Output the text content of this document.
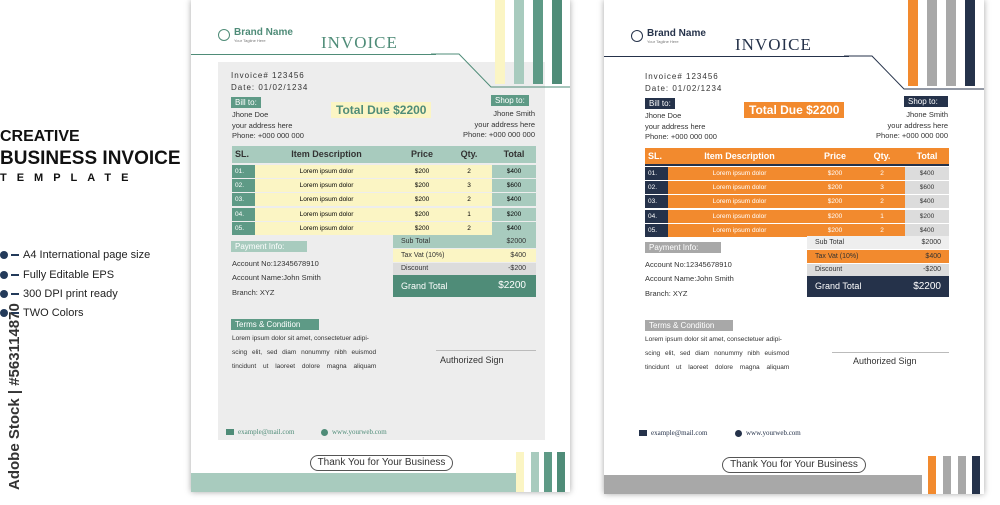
CREATIVE
BUSINESS INVOICE
TEMPLATE
A4 International page size
Fully Editable EPS
300 DPI print ready
TWO Colors
Adobe Stock | #563114870
Brand Name
Your Tagline Here	INVOICE
Invoice# 123456
Date: 01/02/1234
Bill to:
Jhone Doe
your address here
Phone: +000 000 000
Total Due $2200
Shop to:
Jhone Smith
your address here
Phone: +000 000 000
SL.	Item Description	Price	Qty.	Total
01.	Lorem ipsum dolor	$200	2	$400
02.	Lorem ipsum dolor	$200	3	$600
03.	Lorem ipsum dolor	$200	2	$400
04.	Lorem ipsum dolor	$200	1	$200
05.	Lorem ipsum dolor	$200	2	$400
Sub Total	$2000
Tax Vat (10%)	$400
Discount	-$200
Grand Total	$2200
Payment Info:
Account No:12345678910
Account Name:John Smith
Branch: XYZ
Terms & Condition
Lorem ipsum dolor sit amet, consectetuer adipi-
scing elit, sed diam nonummy nibh euismod
tincidunt ut laoreet dolore magna aliquam
Authorized Sign
example@mail.com	www.yourweb.com
Thank You for Your Business
Brand Name
Your Tagline Here	INVOICE
Invoice# 123456
Date: 01/02/1234
Bill to:
Jhone Doe
your address here
Phone: +000 000 000
Total Due $2200
Shop to:
Jhone Smith
your address here
Phone: +000 000 000
SL.	Item Description	Price	Qty.	Total
01.	Lorem ipsum dolor	$200	2	$400
02.	Lorem ipsum dolor	$200	3	$600
03.	Lorem ipsum dolor	$200	2	$400
04.	Lorem ipsum dolor	$200	1	$200
05.	Lorem ipsum dolor	$200	2	$400
Sub Total	$2000
Tax Vat (10%)	$400
Discount	-$200
Grand Total	$2200
Payment Info:
Account No:12345678910
Account Name:John Smith
Branch: XYZ
Terms & Condition
Lorem ipsum dolor sit amet, consectetuer adipi-
scing elit, sed diam nonummy nibh euismod
tincidunt ut laoreet dolore magna aliquam
Authorized Sign
example@mail.com	www.yourweb.com
Thank You for Your Business
